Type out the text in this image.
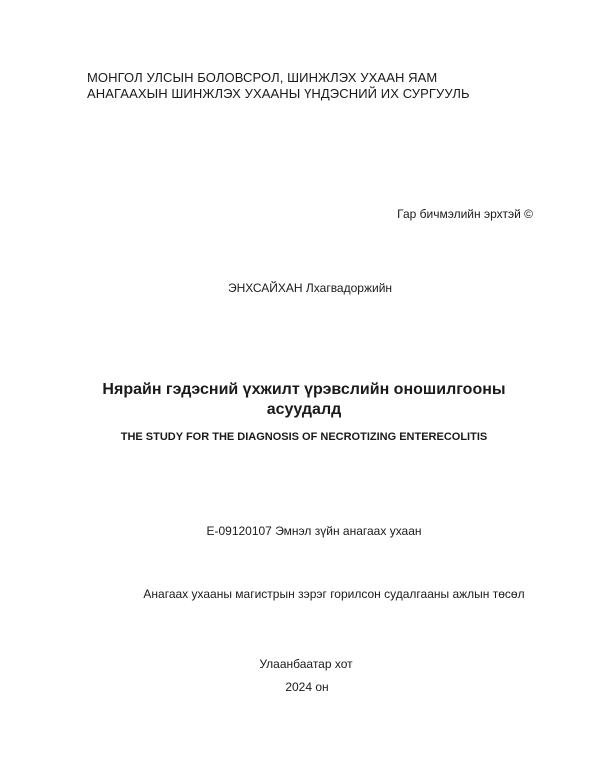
МОНГОЛ УЛСЫН БОЛОВСРОЛ, ШИНЖЛЭХ УХААН ЯАМ
АНАГААХЫН ШИНЖЛЭХ УХААНЫ ҮНДЭСНИЙ ИХ СУРГУУЛЬ
Гар бичмэлийн эрхтэй ©
ЭНХСАЙХАН Лхагвадоржийн
Нярайн гэдэсний үхжилт үрэвслийн оношилгооны
асуудалд
THE STUDY FOR THE DIAGNOSIS OF NECROTIZING ENTERECOLITIS
E-09120107 Эмнэл зүйн анагаах ухаан
Анагаах ухааны магистрын зэрэг горилсон судалгааны ажлын төсөл
Улаанбаатар хот
2024 он
